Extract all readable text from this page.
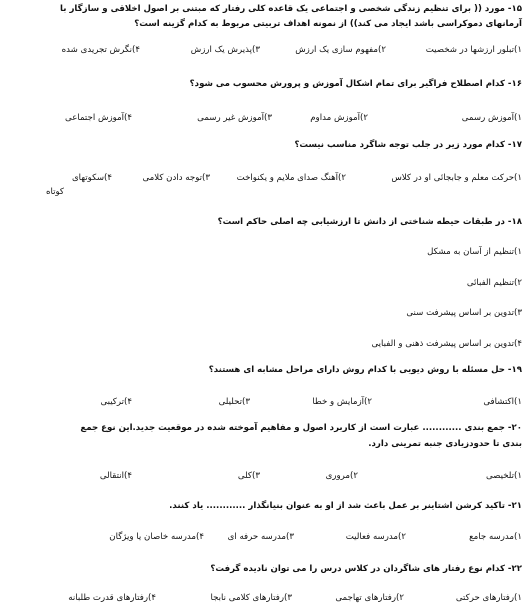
۱۵- مورد (( برای تنظیم زندگی شخصی و اجتماعی یک قاعده کلی رفتار که مبتنی بر اصول اخلاقی و سازگار با
آرمانهای دموکراسی باشد ایجاد می کند)) از نمونه اهداف تربیتی مربوط به کدام گزینه است؟
۱)تبلور ارزشها در شخصیت
۲)مفهوم سازی یک ارزش
۳)پذیرش یک ارزش
۴)نگرش تجریدی شده
۱۶- کدام اصطلاح فراگیر برای تمام اشکال آموزش و پرورش محسوب می شود؟
۱)آموزش رسمی
۲)آموزش مداوم
۳)آموزش غیر رسمی
۴)آموزش اجتماعی
۱۷- کدام مورد زیر در جلب توجه شاگرد مناسب نیست؟
۱)حرکت معلم و جابجائی او در کلاس
۲)آهنگ صدای ملایم و یکنواخت
۳)توجه دادن کلامی
۴)سکوتهای
کوتاه
۱۸- در طبقات حیطه شناختی از دانش تا ارزشیابی چه اصلی حاکم است؟
۱)تنظیم از آسان به مشکل
۲)تنظیم الفبائی
۳)تدوین بر اساس پیشرفت سنی
۴)تدوین بر اساس پیشرفت ذهنی و الفبایی
۱۹- حل مسئله با روش دیویی با کدام روش دارای مراحل مشابه ای هستند؟
۱)اکتشافی
۲)آزمایش و خطا
۳)تحلیلی
۴)ترکیبی
۲۰- جمع بندی ............ عبارت است از کاربرد اصول و مفاهیم آموخته شده در موقعیت جدید.این نوع جمع
بندی تا حدودزیادی جنبه تمرینی دارد.
۱)تلخیصی
۲)مروری
۳)کلی
۴)انتقالی
۲۱- تاکید کرشن اشتاینر بر عمل باعث شد از او به عنوان بنیانگذار ............ یاد کنند.
۱)مدرسه جامع
۲)مدرسه فعالیت
۳)مدرسه حرفه ای
۴)مدرسه خاصان یا ویژگان
۲۲- کدام نوع رفتار های شاگردان در کلاس درس را می توان نادیده گرفت؟
۱)رفتارهای حرکتی
۲)رفتارهای تهاجمی
۳)رفتارهای کلامی نابجا
۴)رفتارهای قدرت طلبانه
